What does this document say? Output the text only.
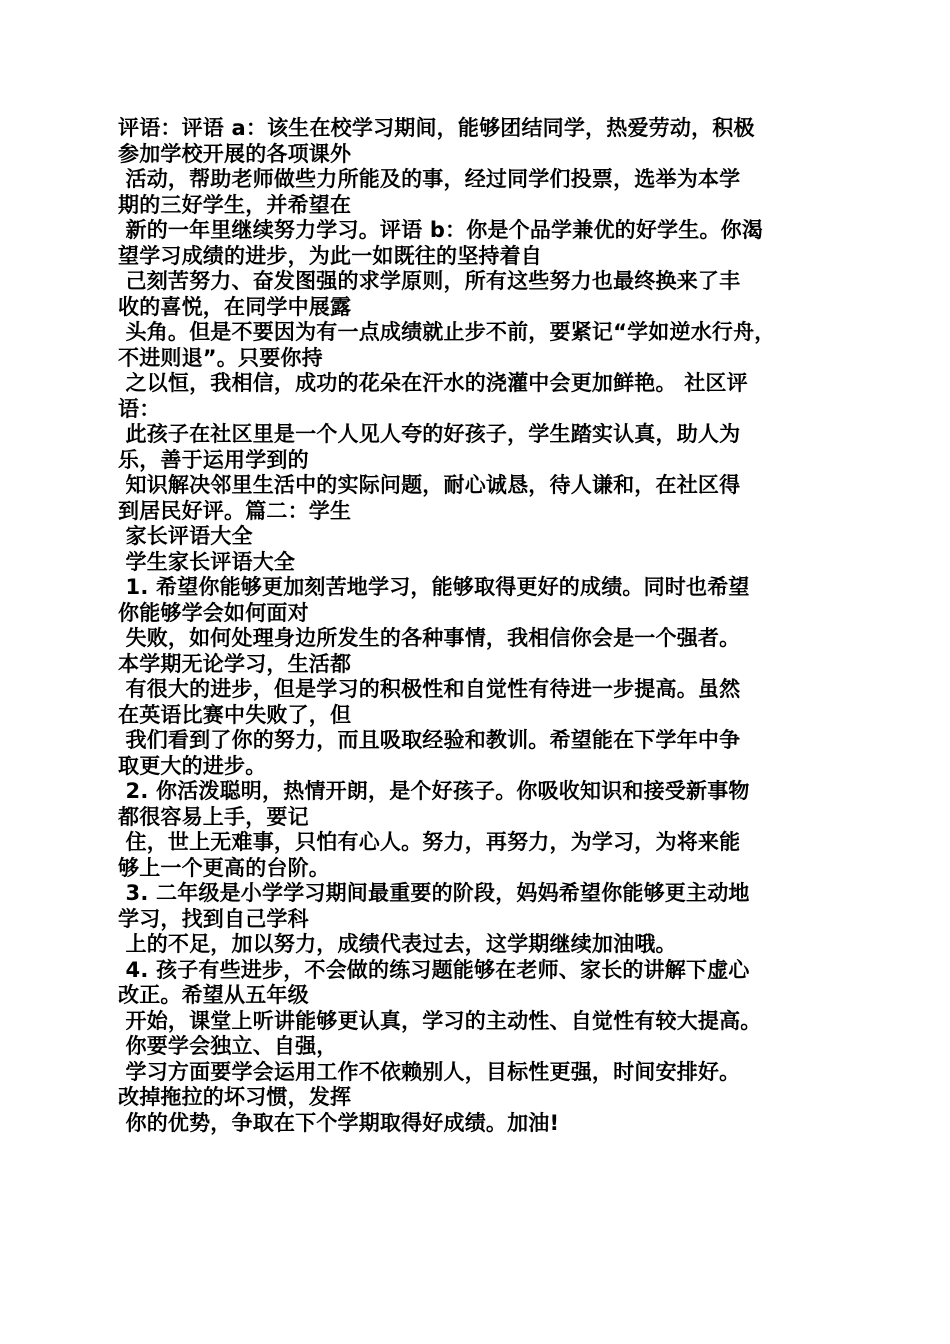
评语：评语 a：该生在校学习期间，能够团结同学，热爱劳动，积极
参加学校开展的各项课外
活动，帮助老师做些力所能及的事，经过同学们投票，选举为本学
期的三好学生，并希望在
新的一年里继续努力学习。评语 b：你是个品学兼优的好学生。你渴
望学习成绩的进步，为此一如既往的坚持着自
己刻苦努力、奋发图强的求学原则，所有这些努力也最终换来了丰
收的喜悦，在同学中展露
头角。但是不要因为有一点成绩就止步不前，要紧记“学如逆水行舟，
不进则退”。只要你持
之以恒，我相信，成功的花朵在汗水的浇灌中会更加鲜艳。 社区评
语：
此孩子在社区里是一个人见人夸的好孩子，学生踏实认真，助人为
乐，善于运用学到的
知识解决邻里生活中的实际问题，耐心诚恳，待人谦和，在社区得
到居民好评。篇二：学生
家长评语大全
学生家长评语大全
1. 希望你能够更加刻苦地学习，能够取得更好的成绩。同时也希望
你能够学会如何面对
失败，如何处理身边所发生的各种事情，我相信你会是一个强者。
本学期无论学习，生活都
有很大的进步，但是学习的积极性和自觉性有待进一步提高。虽然
在英语比赛中失败了，但
我们看到了你的努力，而且吸取经验和教训。希望能在下学年中争
取更大的进步。
2. 你活泼聪明，热情开朗，是个好孩子。你吸收知识和接受新事物
都很容易上手，要记
住，世上无难事，只怕有心人。努力，再努力，为学习，为将来能
够上一个更高的台阶。
3. 二年级是小学学习期间最重要的阶段，妈妈希望你能够更主动地
学习，找到自己学科
上的不足，加以努力，成绩代表过去，这学期继续加油哦。
4. 孩子有些进步，不会做的练习题能够在老师、家长的讲解下虚心
改正。希望从五年级
开始，课堂上听讲能够更认真，学习的主动性、自觉性有较大提高。
你要学会独立、自强，
学习方面要学会运用工作不依赖别人，目标性更强，时间安排好。
改掉拖拉的坏习惯，发挥
你的优势，争取在下个学期取得好成绩。加油!
